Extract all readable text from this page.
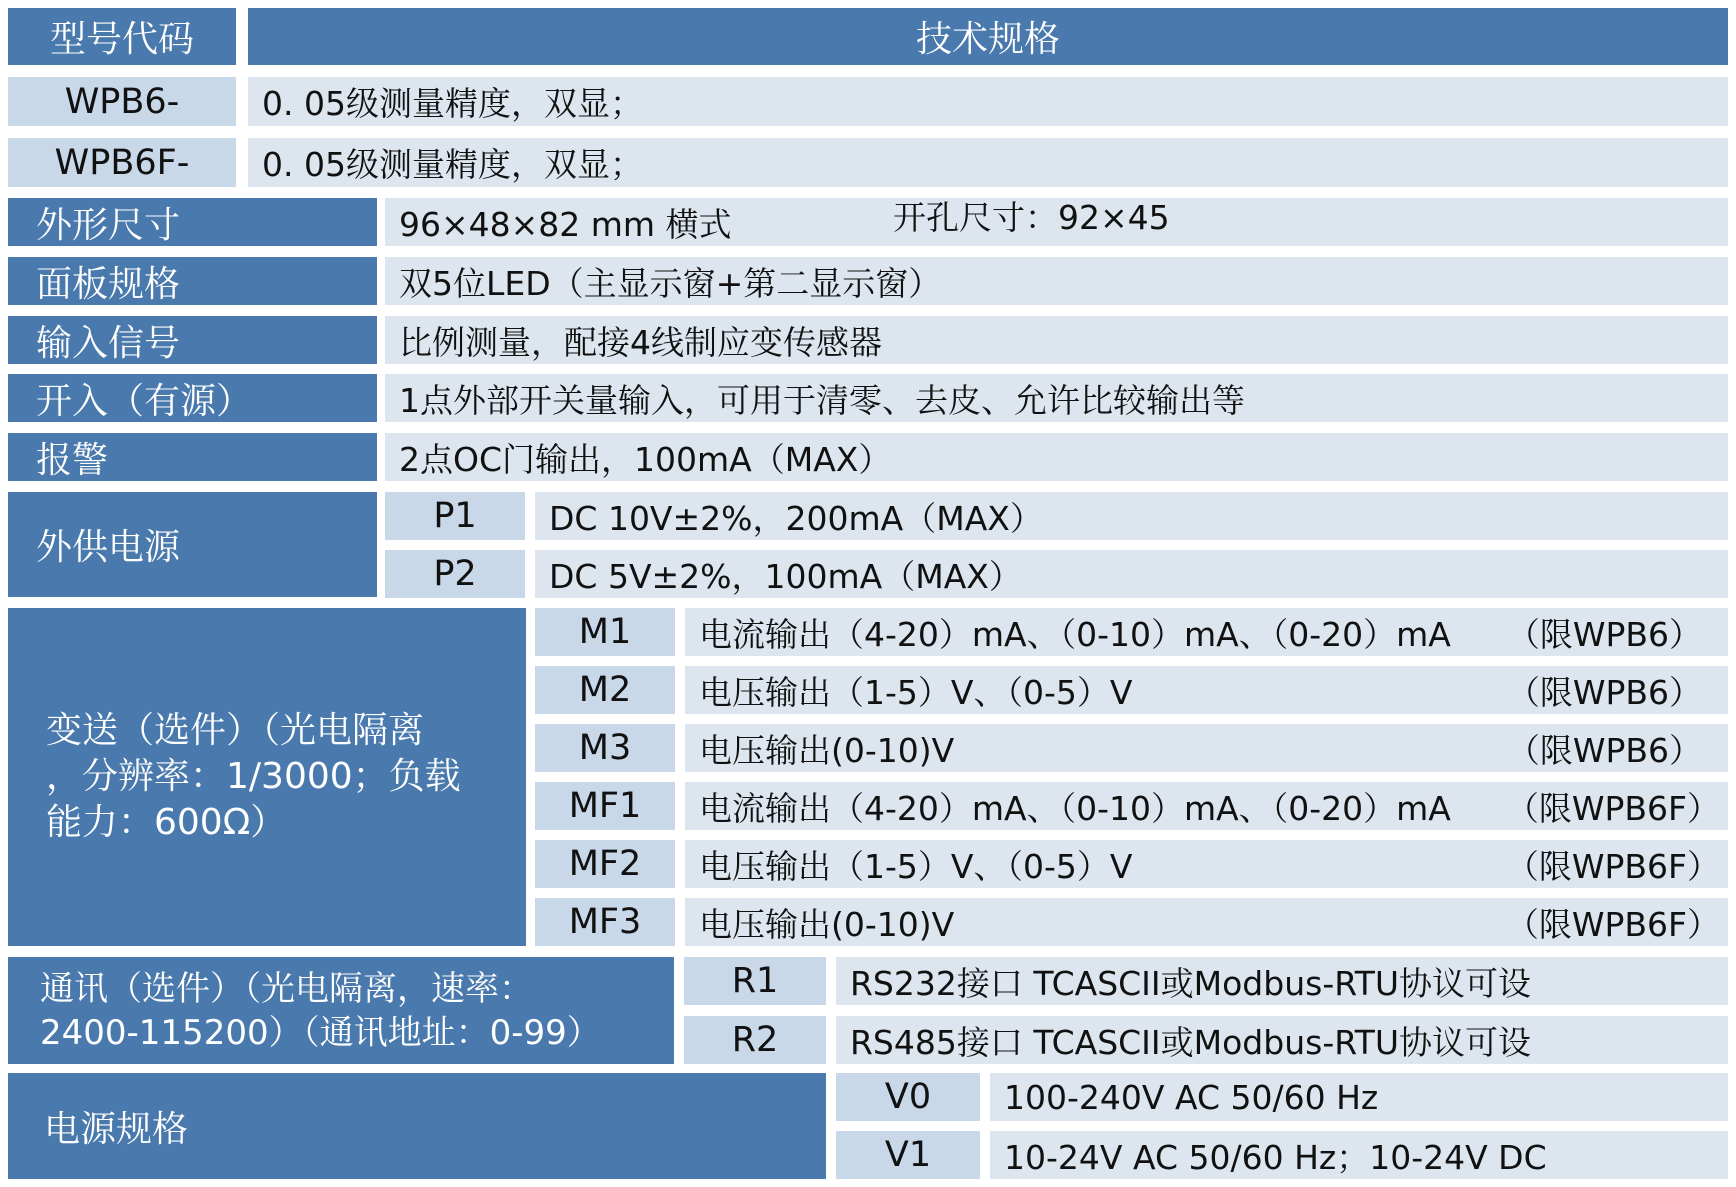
型号代码	技术规格
WPB6-	0. 05级测量精度，双显；
WPB6F-	0. 05级测量精度，双显；
外形尺寸	96×48×82 mm 横式	开孔尺寸：92×45
面板规格	双5位LED（主显示窗+第二显示窗）
输入信号	比例测量，配接4线制应变传感器
开入（有源）	1点外部开关量输入，可用于清零、去皮、允许比较输出等
报警	2点OC门输出，100mA（MAX）
外供电源
P1	DC 10V±2%，200mA（MAX）
P2	DC 5V±2%，100mA（MAX）
变送（选件）（光电隔离
，分辨率：1/3000；负载
能力：600Ω）
M1	电流输出（4-20）mA、（0-10）mA、（0-20）mA （限WPB6）
M2	电压输出（1-5）V、（0-5）V	（限WPB6）
M3	电压输出(0-10)V	（限WPB6）
MF1	电流输出（4-20）mA、（0-10）mA、（0-20）mA （限WPB6F）
MF2	电压输出（1-5）V、（0-5）V	（限WPB6F）
MF3	电压输出(0-10)V	（限WPB6F）
通讯（选件）（光电隔离，速率：
2400-115200）（通讯地址：0-99）
R1	RS232接口 TCASCII或Modbus-RTU协议可设
R2	RS485接口 TCASCII或Modbus-RTU协议可设
电源规格
V0	100-240V AC 50/60 Hz
V1	10-24V AC 50/60 Hz；10-24V DC
